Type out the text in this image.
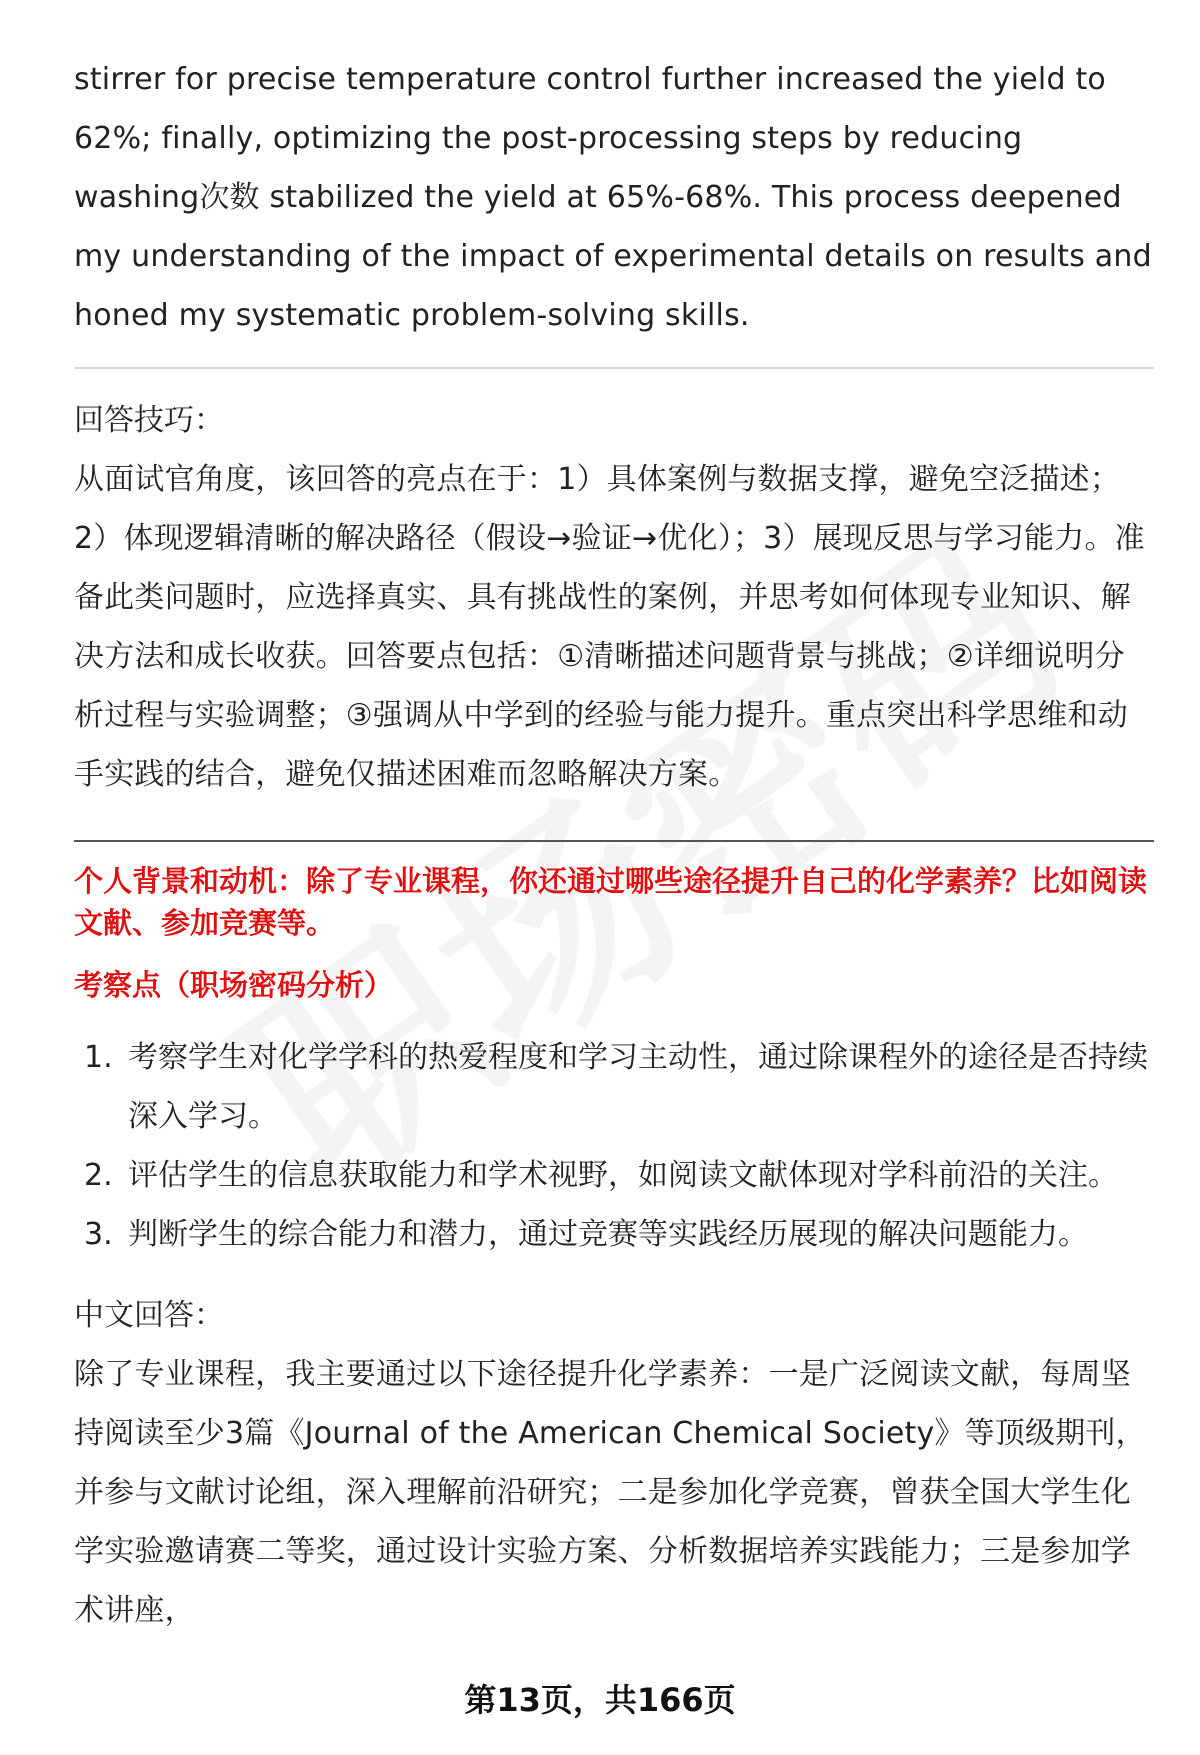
stirrer for precise temperature control further increased the yield to 62%; finally, optimizing the post-processing steps by reducing washing次数 stabilized the yield at 65%-68%. This process deepened my understanding of the impact of experimental details on results and honed my systematic problem-solving skills.

回答技巧：

从面试官角度，该回答的亮点在于：1）具体案例与数据支撑，避免空泛描述；2）体现逻辑清晰的解决路径（假设→验证→优化）；3）展现反思与学习能力。准备此类问题时，应选择真实、具有挑战性的案例，并思考如何体现专业知识、解决方法和成长收获。回答要点包括：①清晰描述问题背景与挑战；②详细说明分析过程与实验调整；③强调从中学到的经验与能力提升。重点突出科学思维和动手实践的结合，避免仅描述困难而忽略解决方案。

个人背景和动机：除了专业课程，你还通过哪些途径提升自己的化学素养？比如阅读文献、参加竞赛等。

考察点（职场密码分析）

1. 考察学生对化学学科的热爱程度和学习主动性，通过除课程外的途径是否持续深入学习。
2. 评估学生的信息获取能力和学术视野，如阅读文献体现对学科前沿的关注。
3. 判断学生的综合能力和潜力，通过竞赛等实践经历展现的解决问题能力。

中文回答：

除了专业课程，我主要通过以下途径提升化学素养：一是广泛阅读文献，每周坚持阅读至少3篇《Journal of the American Chemical Society》等顶级期刊，并参与文献讨论组，深入理解前沿研究；二是参加化学竞赛，曾获全国大学生化学实验邀请赛二等奖，通过设计实验方案、分析数据培养实践能力；三是参加学术讲座，

第13页，共166页
